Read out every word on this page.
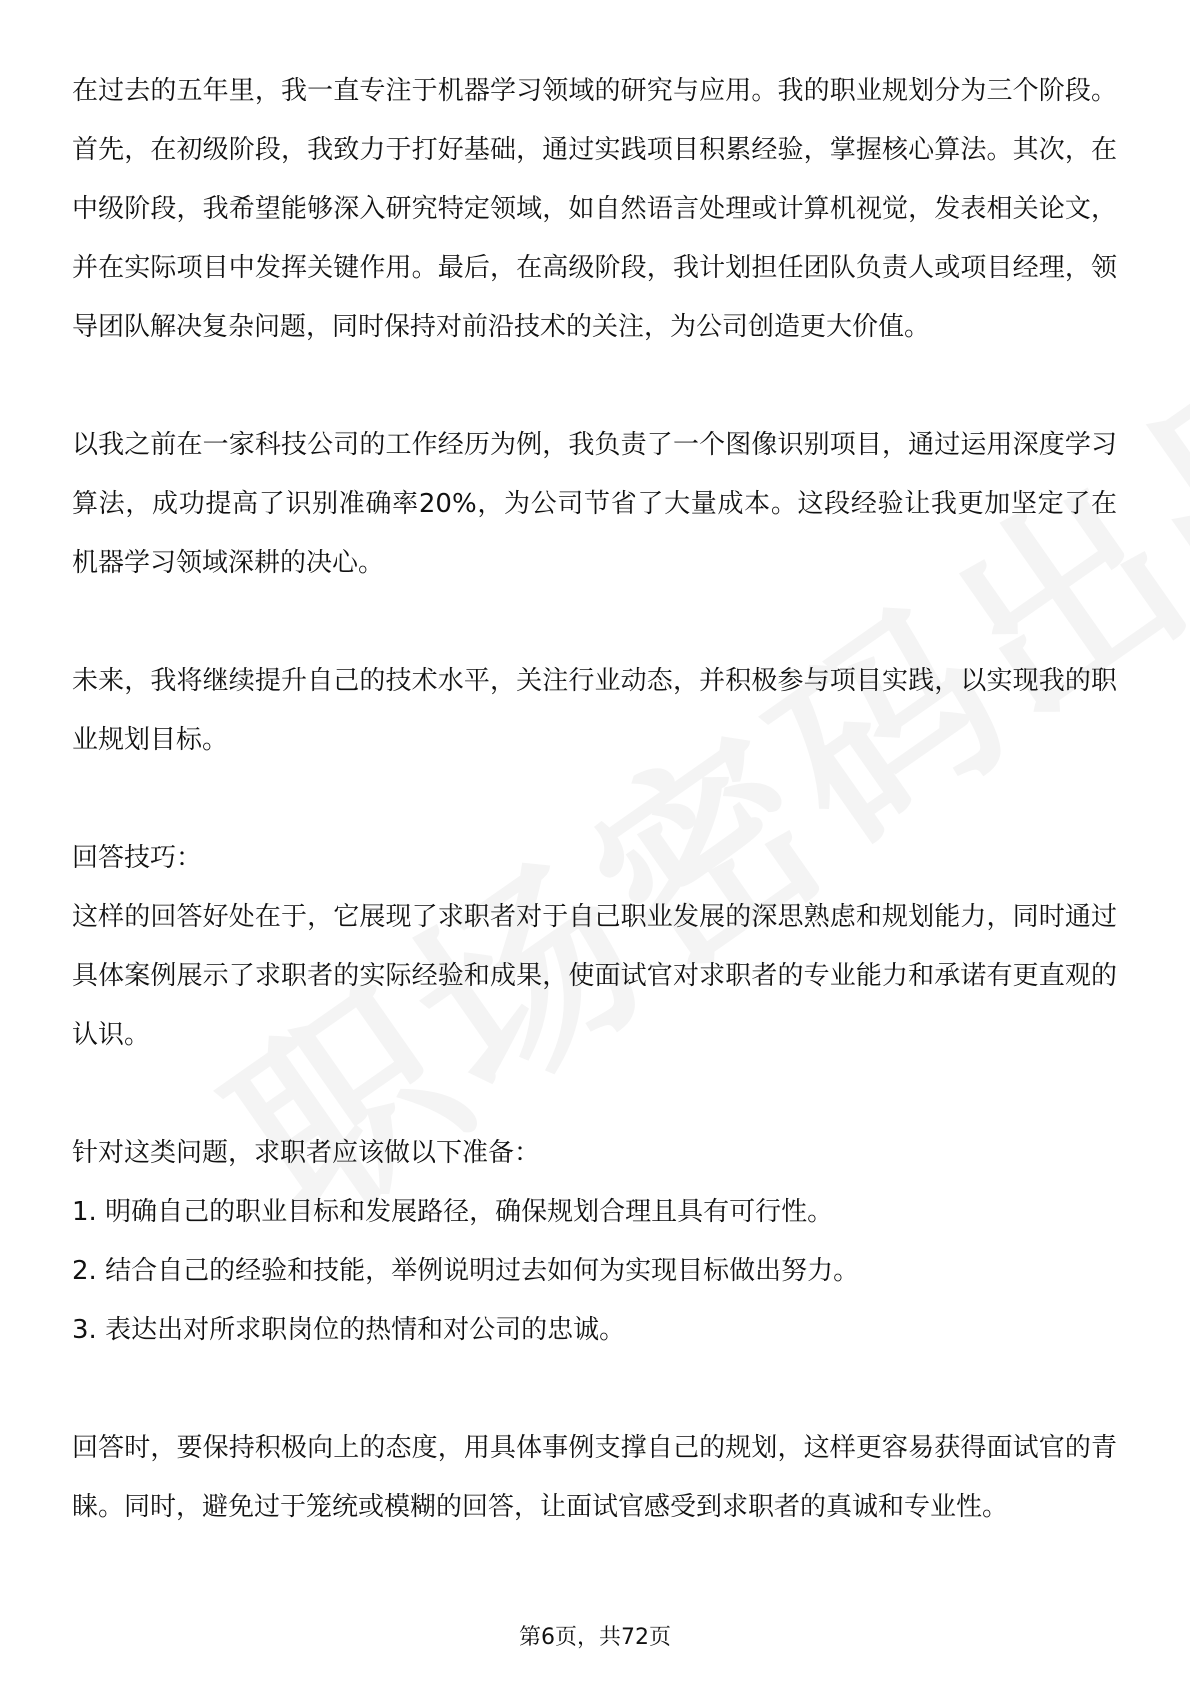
在过去的五年里，我一直专注于机器学习领域的研究与应用。我的职业规划分为三个阶段。首先，在初级阶段，我致力于打好基础，通过实践项目积累经验，掌握核心算法。其次，在中级阶段，我希望能够深入研究特定领域，如自然语言处理或计算机视觉，发表相关论文，并在实际项目中发挥关键作用。最后，在高级阶段，我计划担任团队负责人或项目经理，领导团队解决复杂问题，同时保持对前沿技术的关注，为公司创造更大价值。

以我之前在一家科技公司的工作经历为例，我负责了一个图像识别项目，通过运用深度学习算法，成功提高了识别准确率20%，为公司节省了大量成本。这段经验让我更加坚定了在机器学习领域深耕的决心。

未来，我将继续提升自己的技术水平，关注行业动态，并积极参与项目实践，以实现我的职业规划目标。

回答技巧：

这样的回答好处在于，它展现了求职者对于自己职业发展的深思熟虑和规划能力，同时通过具体案例展示了求职者的实际经验和成果，使面试官对求职者的专业能力和承诺有更直观的认识。

针对这类问题，求职者应该做以下准备：

1. 明确自己的职业目标和发展路径，确保规划合理且具有可行性。

2. 结合自己的经验和技能，举例说明过去如何为实现目标做出努力。

3. 表达出对所求职岗位的热情和对公司的忠诚。

回答时，要保持积极向上的态度，用具体事例支撑自己的规划，这样更容易获得面试官的青睐。同时，避免过于笼统或模糊的回答，让面试官感受到求职者的真诚和专业性。

第6页，共72页
